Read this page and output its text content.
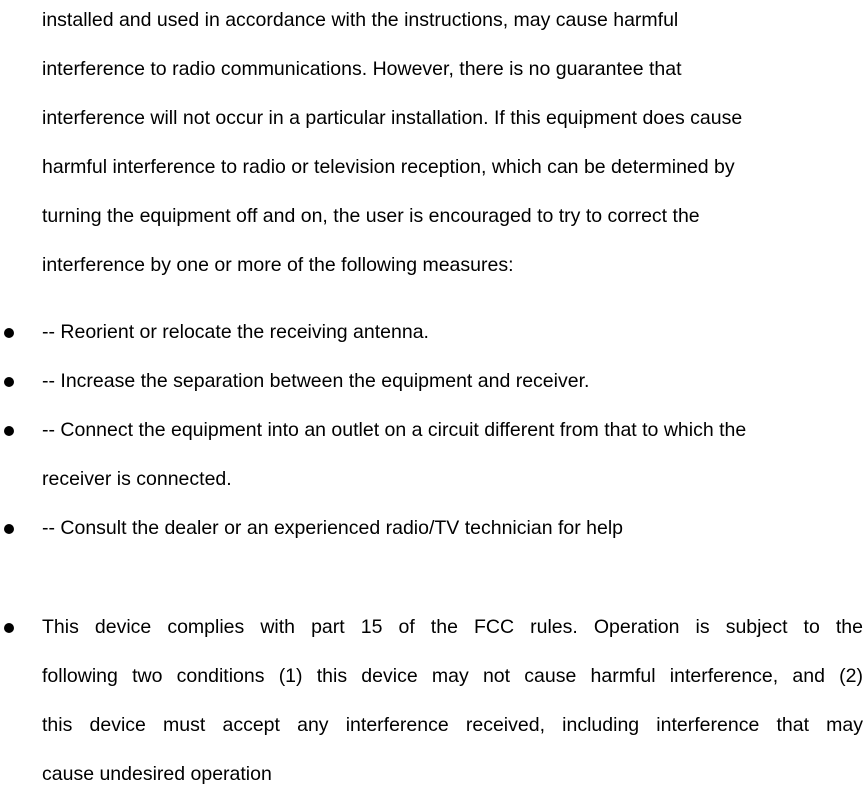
installed and used in accordance with the instructions, may cause harmful
interference to radio communications. However, there is no guarantee that
interference will not occur in a particular installation. If this equipment does cause
harmful interference to radio or television reception, which can be determined by
turning the equipment off and on, the user is encouraged to try to correct the
interference by one or more of the following measures:
-- Reorient or relocate the receiving antenna.
-- Increase the separation between the equipment and receiver.
-- Connect the equipment into an outlet on a circuit different from that to which the
receiver is connected.
-- Consult the dealer or an experienced radio/TV technician for help
This device complies with part 15 of the FCC rules. Operation is subject to the
following two conditions (1) this device may not cause harmful interference, and (2)
this device must accept any interference received, including interference that may
cause undesired operation
